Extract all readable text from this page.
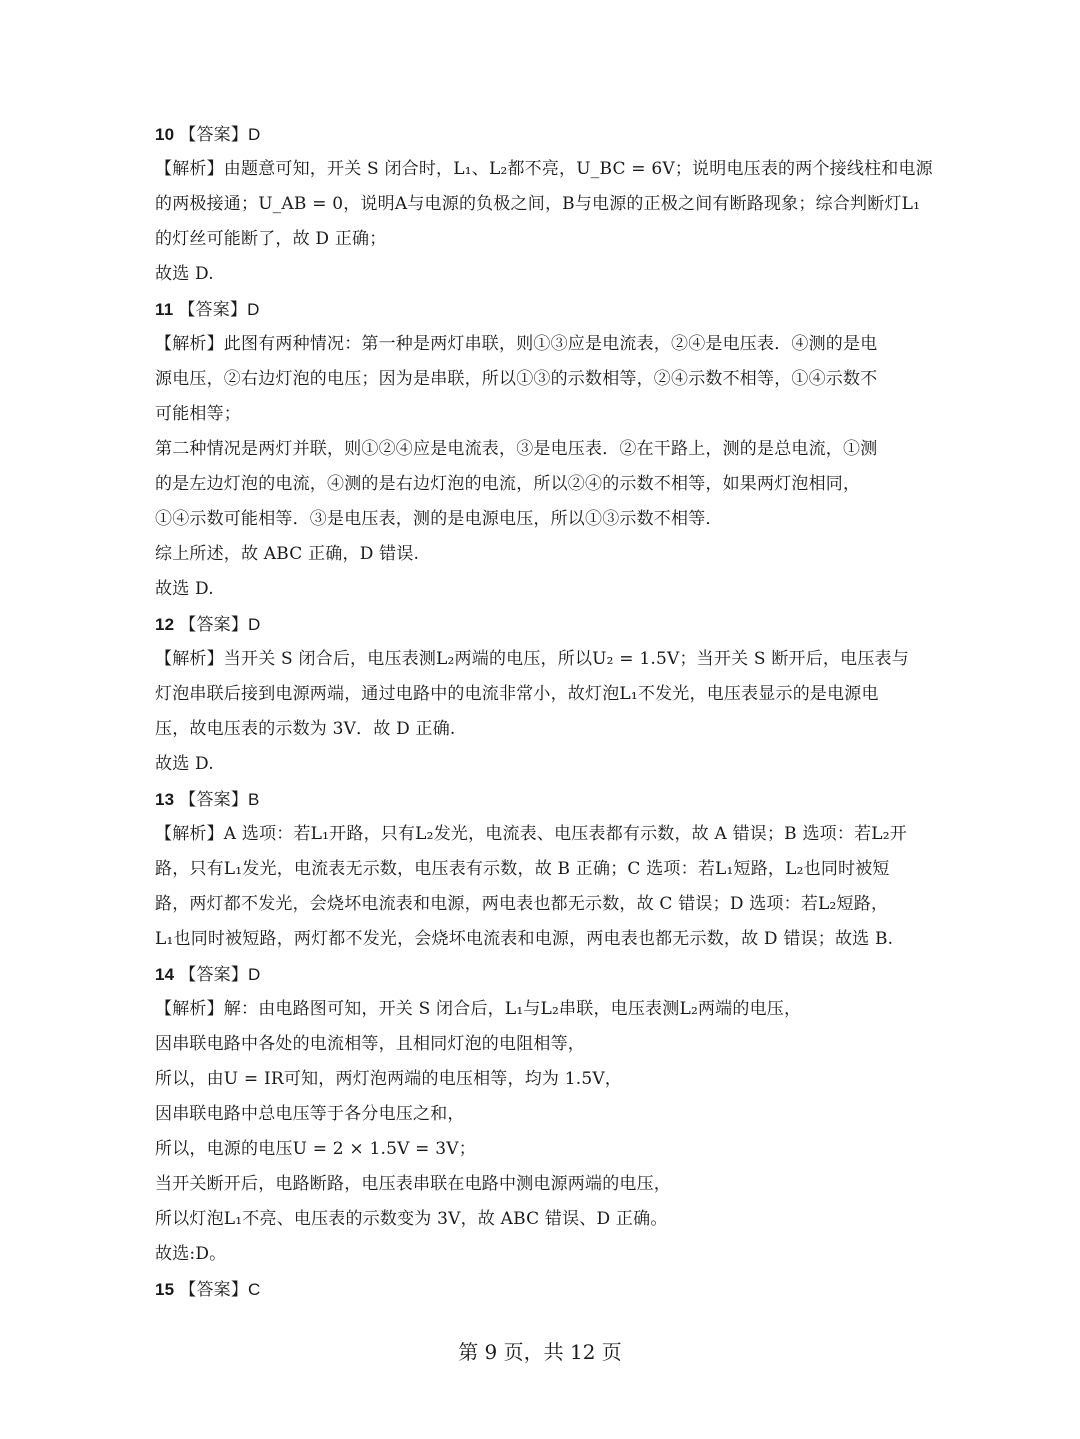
10 【答案】D
【解析】由题意可知，开关 S 闭合时，L₁、L₂都不亮，U_BC = 6V；说明电压表的两个接线柱和电源
的两极接通；U_AB = 0，说明A与电源的负极之间，B与电源的正极之间有断路现象；综合判断灯L₁
的灯丝可能断了，故 D 正确；
故选 D.
11 【答案】D
【解析】此图有两种情况：第一种是两灯串联，则①③应是电流表，②④是电压表．④测的是电
源电压，②右边灯泡的电压；因为是串联，所以①③的示数相等，②④示数不相等，①④示数不
可能相等；
第二种情况是两灯并联，则①②④应是电流表，③是电压表．②在干路上，测的是总电流，①测
的是左边灯泡的电流，④测的是右边灯泡的电流，所以②④的示数不相等，如果两灯泡相同，
①④示数可能相等．③是电压表，测的是电源电压，所以①③示数不相等．
综上所述，故 ABC 正确，D 错误.
故选 D.
12 【答案】D
【解析】当开关 S 闭合后，电压表测L₂两端的电压，所以U₂ = 1.5V；当开关 S 断开后，电压表与
灯泡串联后接到电源两端，通过电路中的电流非常小，故灯泡L₁不发光，电压表显示的是电源电
压，故电压表的示数为 3V．故 D 正确.
故选 D.
13 【答案】B
【解析】A 选项：若L₁开路，只有L₂发光，电流表、电压表都有示数，故 A 错误；B 选项：若L₂开
路，只有L₁发光，电流表无示数，电压表有示数，故 B 正确；C 选项：若L₁短路，L₂也同时被短
路，两灯都不发光，会烧坏电流表和电源，两电表也都无示数，故 C 错误；D 选项：若L₂短路，
L₁也同时被短路，两灯都不发光，会烧坏电流表和电源，两电表也都无示数，故 D 错误；故选 B.
14 【答案】D
【解析】解：由电路图可知，开关 S 闭合后，L₁与L₂串联，电压表测L₂两端的电压，
因串联电路中各处的电流相等，且相同灯泡的电阻相等，
所以，由U = IR可知，两灯泡两端的电压相等，均为 1.5V，
因串联电路中总电压等于各分电压之和，
所以，电源的电压U = 2 × 1.5V = 3V；
当开关断开后，电路断路，电压表串联在电路中测电源两端的电压，
所以灯泡L₁不亮、电压表的示数变为 3V，故 ABC 错误、D 正确。
故选:D。
15 【答案】C
第 9 页，共 12 页
